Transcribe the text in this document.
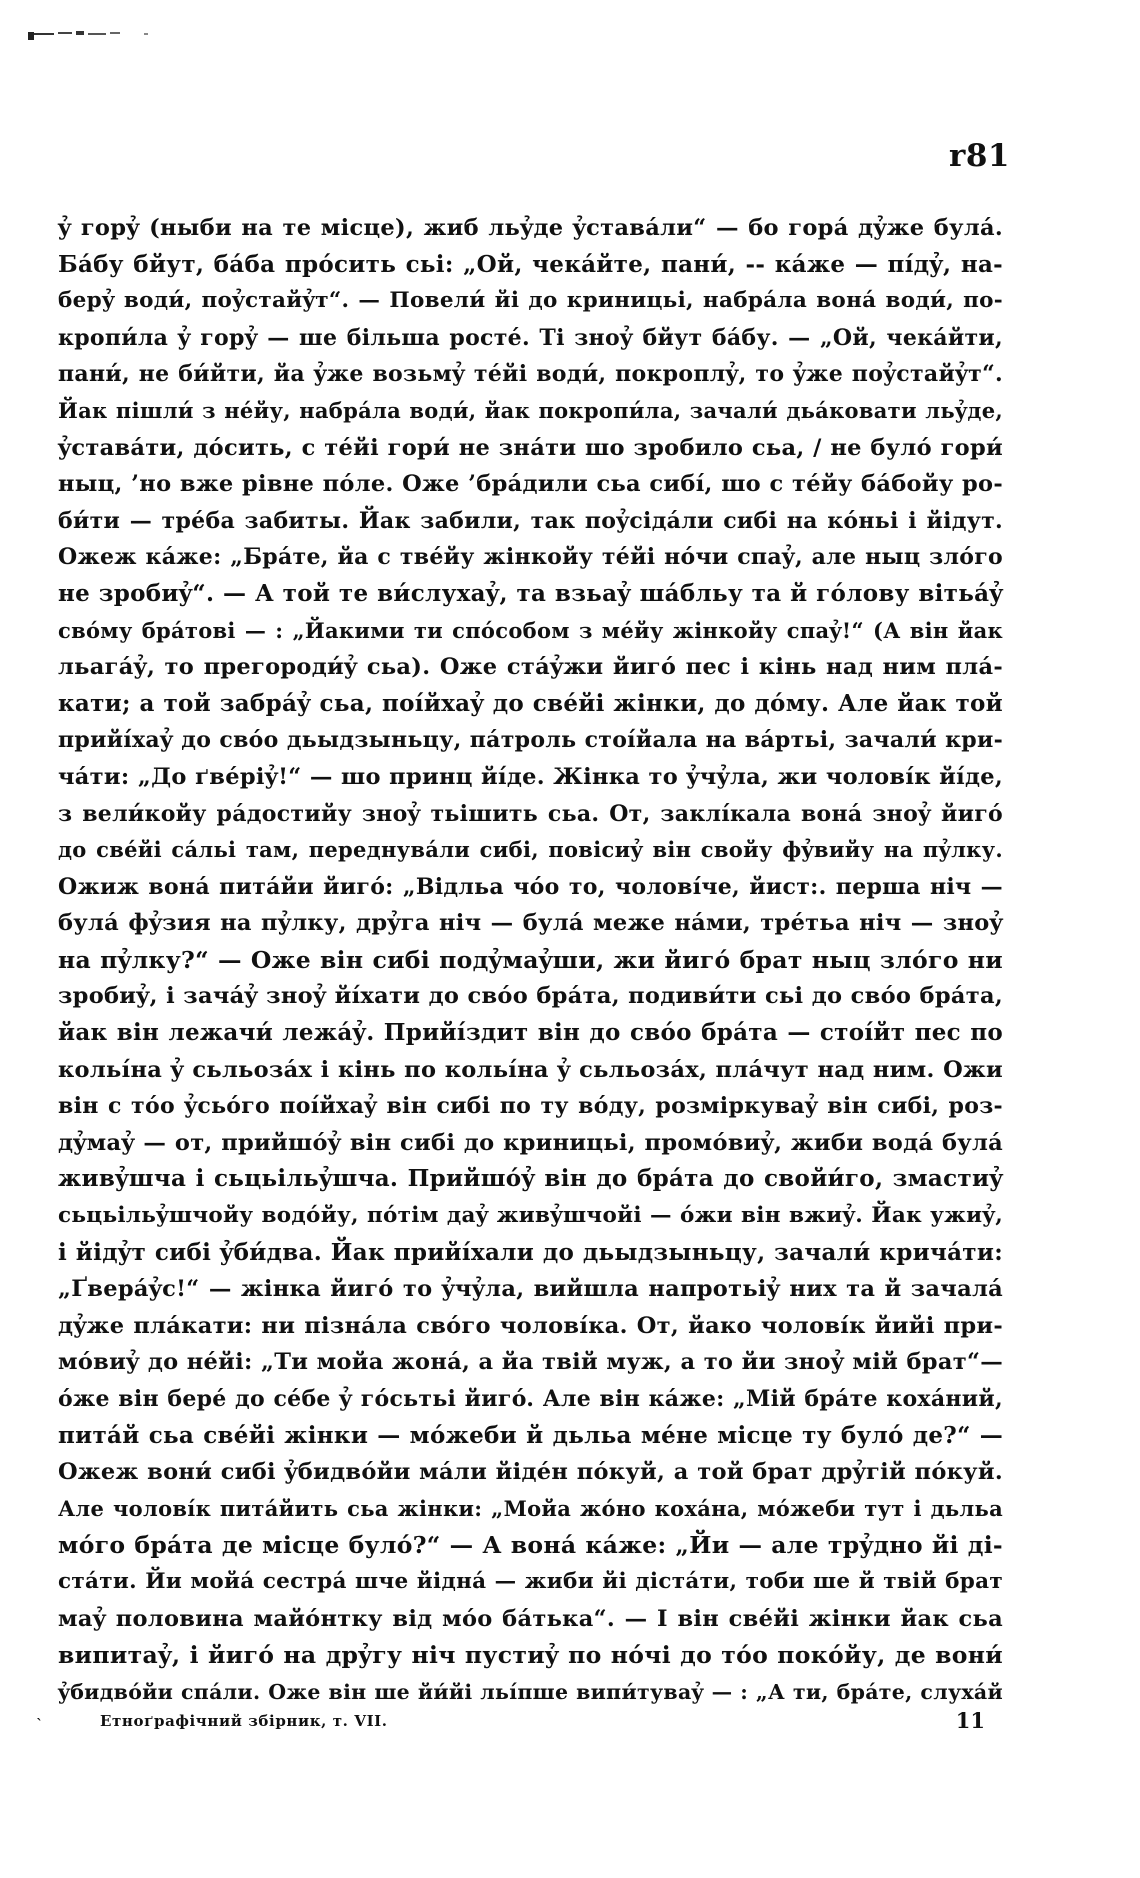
r81
ỷ горỷ (ныби на те місце), жиб льỷде ỷставáли“ — бо горá дỷже булá.
Бáбу бйут, бáба прóсить сьі: „Ой, чекáйте, пани́, -- кáже — пíдỷ, на-
берỷ води́, поỷстайỷт“. — Повели́ йі до криницьі, набрáла вонá води́, по-
кропи́ла ỷ горỷ — ше більша ростé. Ті зноỷ бйут бáбу. — „Ой, чекáйти,
пани́, не би́йти, йа ỷже возьмỷ тéйі води́, покроплỷ, то ỷже поỷстайỷт“.
Йак пішли́ з нéйу, набрáла води́, йак покропи́ла, зачали́ дьáковати льỷде,
ỷставáти, дóсить, с тéйі гори́ не знáти шо зробило сьа, / не булó гори́
ныц, ’но вже рівне пóле. Оже ’брáдили сьа сибí, шо с тéйу бáбойу ро-
би́ти — трéба забиты. Йак забили, так поỷсідáли сибі на кóньі і йідут.
Ожеж кáже: „Брáте, йа с твéйу жінкойу тéйі нóчи спаỷ, але ныц злóго
не зробиỷ“. — А той те ви́слухаỷ, та взьаỷ шáбльу та й гóлову вітьáỷ
свóму брáтові — : „Йакими ти спóсобом з мéйу жінкойу спаỷ!“ (А він йак
льагáỷ, то прегороди́ỷ сьа). Оже стáỷжи йигó пес і кінь над ним плá-
кати; а той забрáỷ сьа, поі́йхаỷ до свéйі жінки, до дóму. Але йак той
прийі́хаỷ до свóо дьыдзыньцу, пáтроль стоі́йала на вáртьі, зачали́ кри-
чáти: „До ґвéріỷ!“ — шо принц йі́де. Жінка то ỷчỷла, жи чоловíк йі́де,
з вели́койу рáдостийу зноỷ тьішить сьа. От, заклíкала вонá зноỷ йигó
до свéйі сáльі там, переднувáли сибі, повісиỷ він свойу фỷвийу на пỷлку.
Ожиж вонá питáйи йигó: „Відльа чóо то, чоловíче, йист:. перша ніч —
булá фỷзия на пỷлку, дрỷга ніч — булá меже нáми, трéтьа ніч — зноỷ
на пỷлку?“ — Оже він сибі подỷмаỷши, жи йигó брат ныц злóго ни
зробиỷ, і зачáỷ зноỷ йі́хати до свóо брáта, подиви́ти сьі до свóо брáта,
йак він лежачи́ лежáỷ. Прийі́здит він до свóо брáта — стоі́йт пес по
кольі́на ỷ сьльозáх і кінь по кольі́на ỷ сьльозáх, плáчут над ним. Ожи
він с тóо ỷсьóго поі́йхаỷ він сибі по ту вóду, розміркуваỷ він сибі, роз-
дỷмаỷ — от, прийшóỷ він сибі до криницьі, промóвиỷ, жиби водá булá
живỷшча і сьцьільỷшча. Прийшóỷ він до брáта до свойи́го, змастиỷ
сьцьільỷшчойу водóйу, пóтім даỷ живỷшчойі — óжи він вжиỷ. Йак ужиỷ,
і йідỷт сибі ỷби́два. Йак прийі́хали до дьыдзыньцу, зачали́ кричáти:
„Ґвеpáỷс!“ — жінка йигó то ỷчỷла, вийшла напротьіỷ них та й зачалá
дỷже плáкати: ни пізнáла свóго чоловíка. От, йако чоловíк йийі при-
мóвиỷ до нéйі: „Ти мойа жонá, а йа твій муж, а то йи зноỷ мій брат“—
óже він берé до сéбе ỷ гóсьтьі йигó. Але він кáже: „Мій брáте кохáний,
питáй сьа свéйі жінки — мóжеби й дьльа мéне місце ту булó де?“ —
Ожеж вони́ сибі ỷбидвóйи мáли йідéн пóкуй, а той брат дрỷгій пóкуй.
Але чоловíк питáйить сьа жінки: „Мойа жóно кохáна, мóжеби тут і дьльа
мóго брáта де місце булó?“ — А вонá кáже: „Йи — але трỷдно йі ді-
стáти. Йи мойá сестрá шче йіднá — жиби йі дістáти, тоби ше й твій брат
маỷ половина майóнтку від мóо бáтька“. — І він свéйі жінки йак сьа
випитаỷ, і йигó на дрỷгу ніч пустиỷ по нóчі до тóо покóйу, де вони́
ỷбидвóйи спáли. Оже він ше йи́йі льíпше випи́туваỷ — : „А ти, брáте, слухáй
`	Етноґрафічний збірник, т. VII.	11
